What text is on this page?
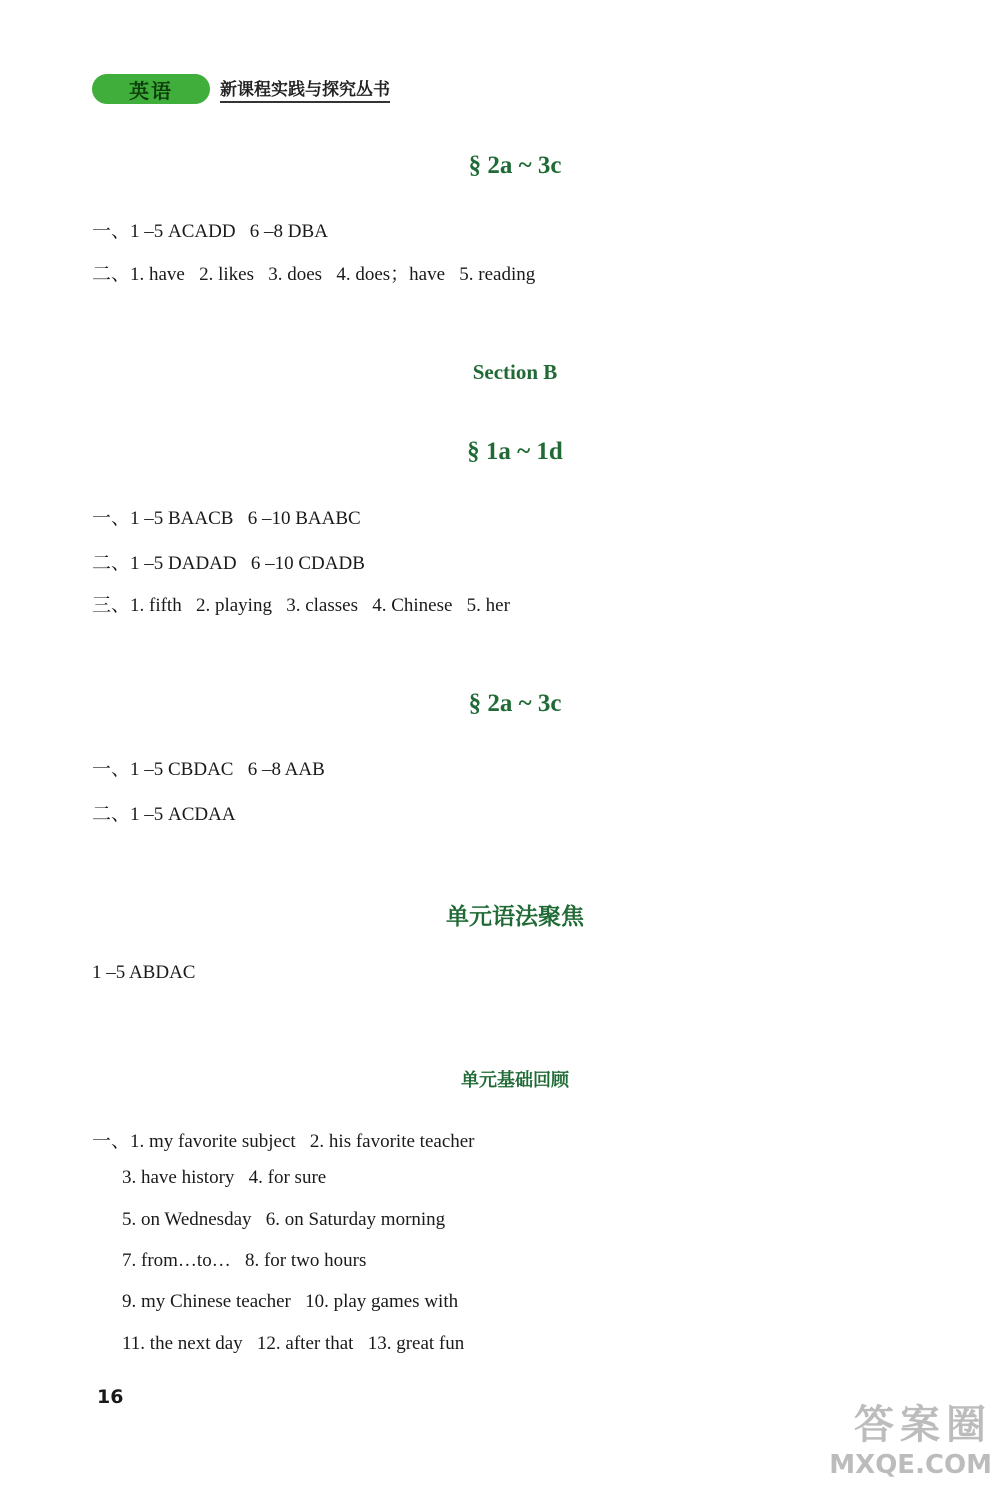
英语	新课程实践与探究丛书
§ 2a ~ 3c
一、1 –5 ACADD   6 –8 DBA
二、1. have   2. likes   3. does   4. does；have   5. reading
Section B
§ 1a ~ 1d
一、1 –5 BAACB   6 –10 BAABC
二、1 –5 DADAD   6 –10 CDADB
三、1. fifth   2. playing   3. classes   4. Chinese   5. her
§ 2a ~ 3c
一、1 –5 CBDAC   6 –8 AAB
二、1 –5 ACDAA
单元语法聚焦
1 –5 ABDAC
单元基础回顾
一、1. my favorite subject   2. his favorite teacher
3. have history   4. for sure
5. on Wednesday   6. on Saturday morning
7. from…to…   8. for two hours
9. my Chinese teacher   10. play games with
11. the next day   12. after that   13. great fun
16
答案圈
MXQE.COM
